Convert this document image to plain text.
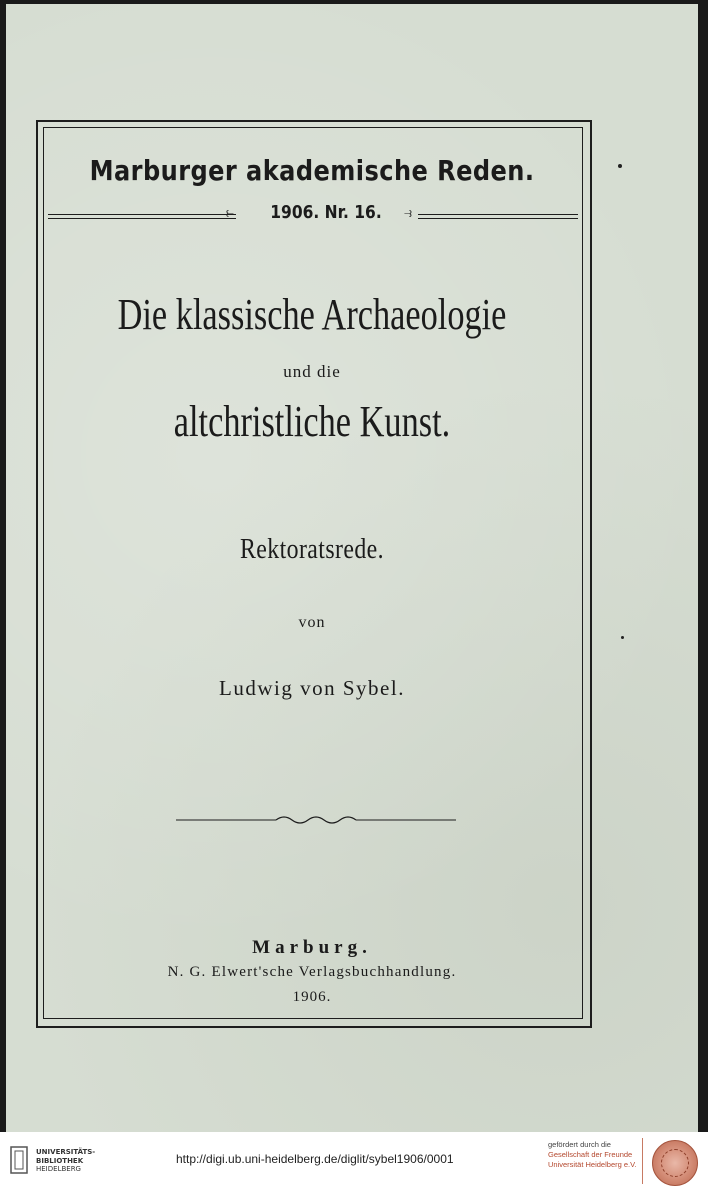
Marburger akademische Reden.
⥼	1906. Nr. 16.	⥽
Die klassische Archaeologie
und die
altchristliche Kunst.
Rektoratsrede.
von
Ludwig von Sybel.
Marburg.
N. G. Elwert'sche Verlagsbuchhandlung.
1906.
UNIVERSITÄTS-
BIBLIOTHEK
HEIDELBERG
http://digi.ub.uni-heidelberg.de/diglit/sybel1906/0001
gefördert durch die
Gesellschaft der Freunde
Universität Heidelberg e.V.
